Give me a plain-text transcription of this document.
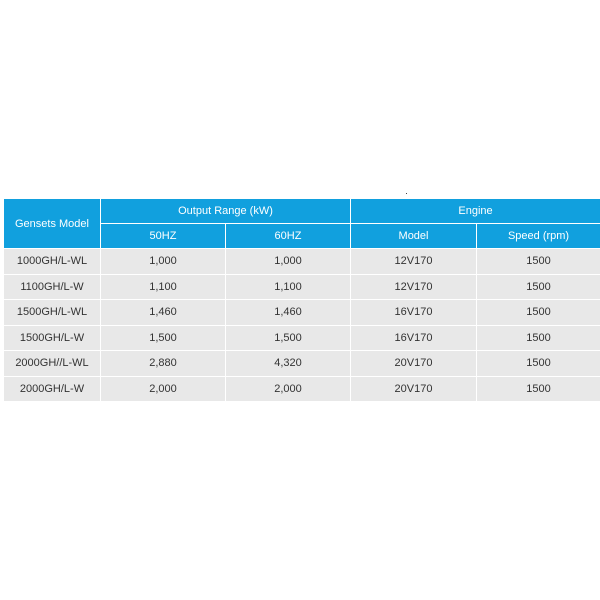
Gensets Model	Output Range (kW)		Engine	
	50HZ	60HZ	Model	Speed (rpm)
1000GH/L-WL	1,000	1,000	12V170	1500
1100GH/L-W	1,100	1,100	12V170	1500
1500GH/L-WL	1,460	1,460	16V170	1500
1500GH/L-W	1,500	1,500	16V170	1500
2000GH//L-WL	2,880	4,320	20V170	1500
2000GH/L-W	2,000	2,000	20V170	1500
